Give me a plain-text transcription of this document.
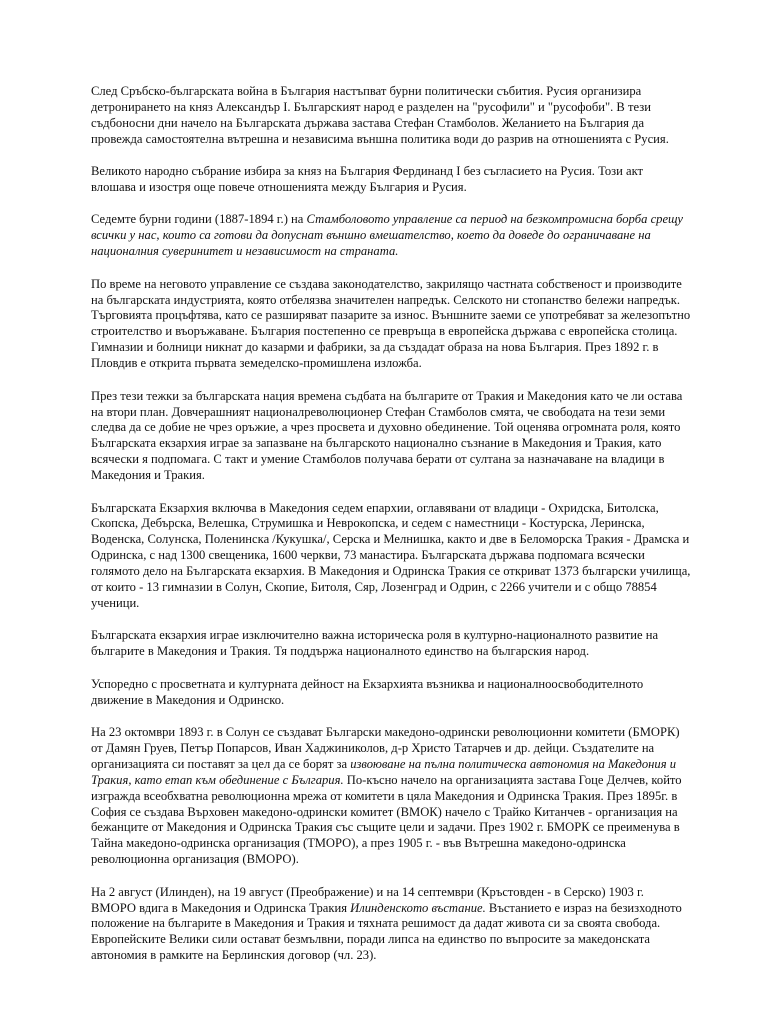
След Сръбско-българската война в България настъпват бурни политически събития. Русия организира детронирането на княз Александър I. Българският народ е разделен на "русофили" и "русофоби". В тези съдбоносни дни начело на Българската държава застава Стефан Стамболов. Желанието на България да провежда самостоятелна вътрешна и независима външна политика води до разрив на отношенията с Русия.

Великото народно събрание избира за княз на България Фердинанд I без съгласието на Русия. Този акт влошава и изостря още повече отношенията между България и Русия.

Седемте бурни години (1887-1894 г.) на Стамболовото управление са период на безкомпромисна борба срещу всички у нас, които са готови да допуснат външно вмешателство, което да доведе до ограничаване на националния суверинитет и независимост на страната.

По време на неговото управление се създава законодателство, закрилящо частната собственост и производите на българската индустрията, която отбелязва значителен напредък. Селското ни стопанство бележи напредък. Търговията процъфтява, като се разширяват пазарите за износ. Външните заеми се употребяват за железопътно строителство и въоръжаване. България постепенно се превръща в европейска държава с европейска столица. Гимназии и болници никнат до казарми и фабрики, за да създадат образа на нова България. През 1892 г. в Пловдив е открита първата земеделско-промишлена изложба.

През тези тежки за българската нация времена съдбата на българите от Тракия и Македония като че ли остава на втори план. Довчерашният националреволюционер Стефан Стамболов смята, че свободата на тези земи следва да се добие не чрез оръжие, а чрез просвета и духовно обединение. Той оценява огромната роля, която Българската екзархия играе за запазване на българското национално съзнание в Македония и Тракия, като всячески я подпомага. С такт и умение Стамболов получава берати от султана за назначаване на владици в Македония и Тракия.

Българската Екзархия включва в Македония седем епархии, оглавявани от владици - Охридска, Битолска, Скопска, Дебърска, Велешка, Струмишка и Неврокопска, и седем с наместници - Костурска, Леринска, Воденска, Солунска, Поленинска /Кукушка/, Серска и Мелнишка, както и две в Беломорска Тракия - Драмска и Одринска, с над 1300 свещеника, 1600 черкви, 73 манастира. Българската държава подпомага всячески голямото дело на Българската екзархия. В Македония и Одринска Тракия се откриват 1373 български училища, от които - 13 гимназии в Солун, Скопие, Битоля, Сяр, Лозенград и Одрин, с 2266 учители и с общо 78854 ученици.

Българската екзархия играе изключително важна историческа роля в културно-националното развитие на българите в Македония и Тракия. Тя поддържа националното единство на българския народ.

Успоредно с просветната и културната дейност на Екзархията възниква и националноосвободителното движение в Македония и Одринско.

На 23 октомври 1893 г. в Солун се създават Български македоно-одрински революционни комитети (БМОРК) от Дамян Груев, Петър Попарсов, Иван Хаджиниколов, д-р Христо Татарчев и др. дейци. Създателите на организацията си поставят за цел да се борят за извоюване на пълна политическа автономия на Македония и Тракия, като етап към обединение с България. По-късно начело на организацията застава Гоце Делчев, който изгражда всеобхватна революционна мрежа от комитети в цяла Македония и Одринска Тракия. През 1895г. в София се създава Върховен македоно-одрински комитет (ВМОК) начело с Трайко Китанчев - организация на бежанците от Македония и Одринска Тракия със същите цели и задачи. През 1902 г. БМОРК се преименува в Тайна македоно-одринска организация (ТМОРО), а през 1905 г. - във Вътрешна македоно-одринска революционна организация (ВМОРО).

На 2 август (Илинден), на 19 август (Преображение) и на 14 септември (Кръстовден - в Серско) 1903 г. ВМОРО вдига в Македония и Одринска Тракия Илинденското въстание. Въстанието е израз на безизходното положение на българите в Македония и Тракия и тяхната решимост да дадат живота си за своята свобода. Европейските Велики сили остават безмълвни, поради липса на единство по въпросите за македонската автономия в рамките на Берлинския договор (чл. 23).
